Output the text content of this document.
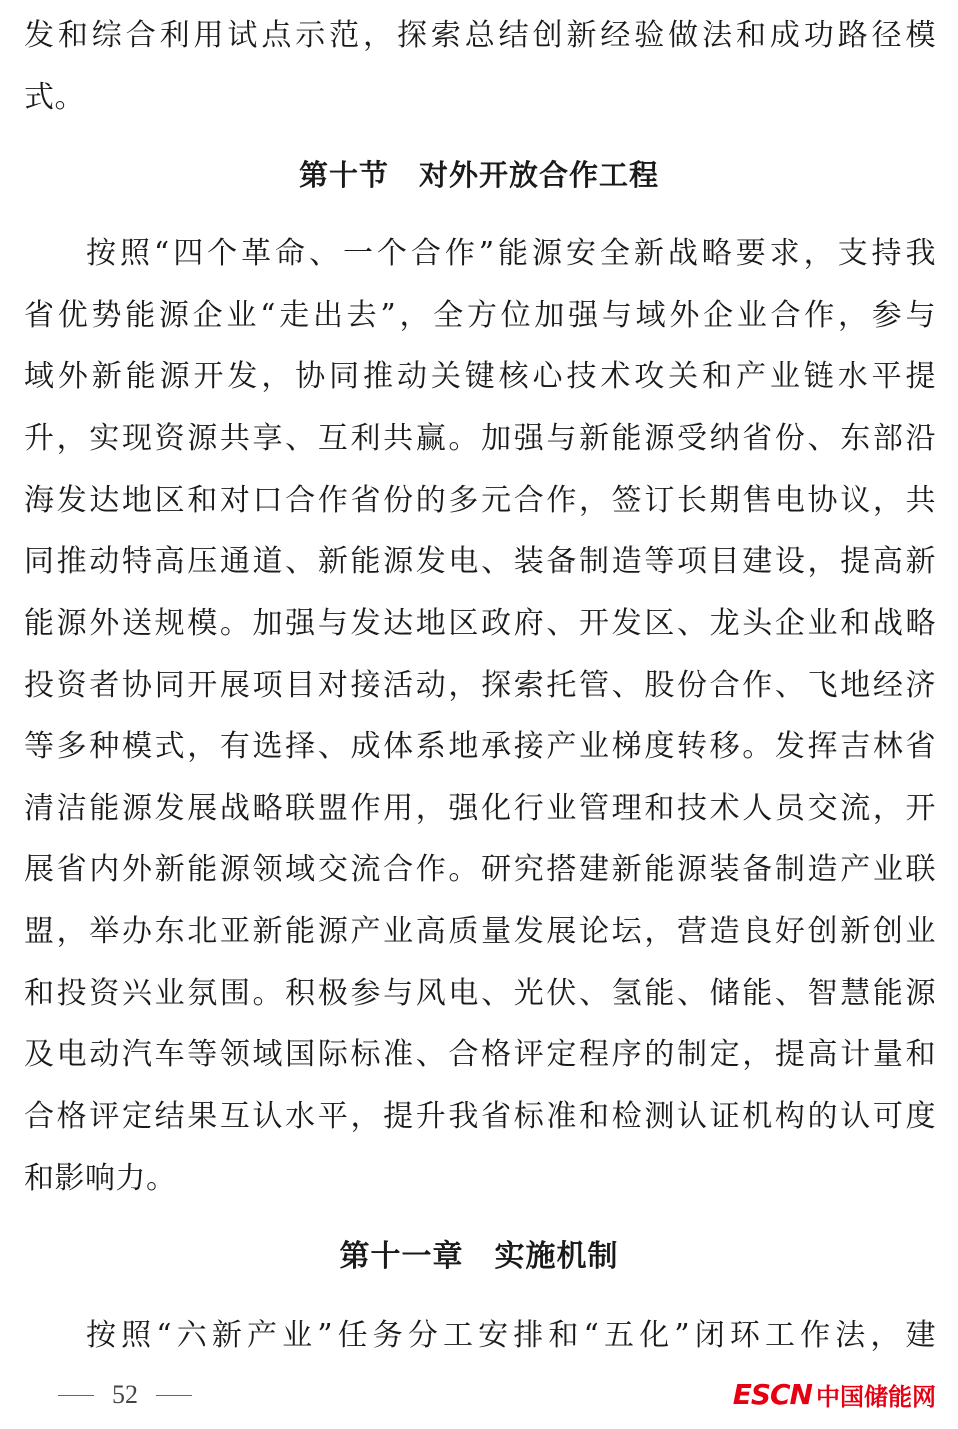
发和综合利用试点示范，探索总结创新经验做法和成功路径模
式。
第十节　对外开放合作工程
按照“四个革命、一个合作”能源安全新战略要求，支持我
省优势能源企业“走出去”，全方位加强与域外企业合作，参与
域外新能源开发，协同推动关键核心技术攻关和产业链水平提
升，实现资源共享、互利共赢。加强与新能源受纳省份、东部沿
海发达地区和对口合作省份的多元合作，签订长期售电协议，共
同推动特高压通道、新能源发电、装备制造等项目建设，提高新
能源外送规模。加强与发达地区政府、开发区、龙头企业和战略
投资者协同开展项目对接活动，探索托管、股份合作、飞地经济
等多种模式，有选择、成体系地承接产业梯度转移。发挥吉林省
清洁能源发展战略联盟作用，强化行业管理和技术人员交流，开
展省内外新能源领域交流合作。研究搭建新能源装备制造产业联
盟，举办东北亚新能源产业高质量发展论坛，营造良好创新创业
和投资兴业氛围。积极参与风电、光伏、氢能、储能、智慧能源
及电动汽车等领域国际标准、合格评定程序的制定，提高计量和
合格评定结果互认水平，提升我省标准和检测认证机构的认可度
和影响力。
第十一章　实施机制
按照“六新产业”任务分工安排和“五化”闭环工作法，建
52	ESCN 中国储能网
